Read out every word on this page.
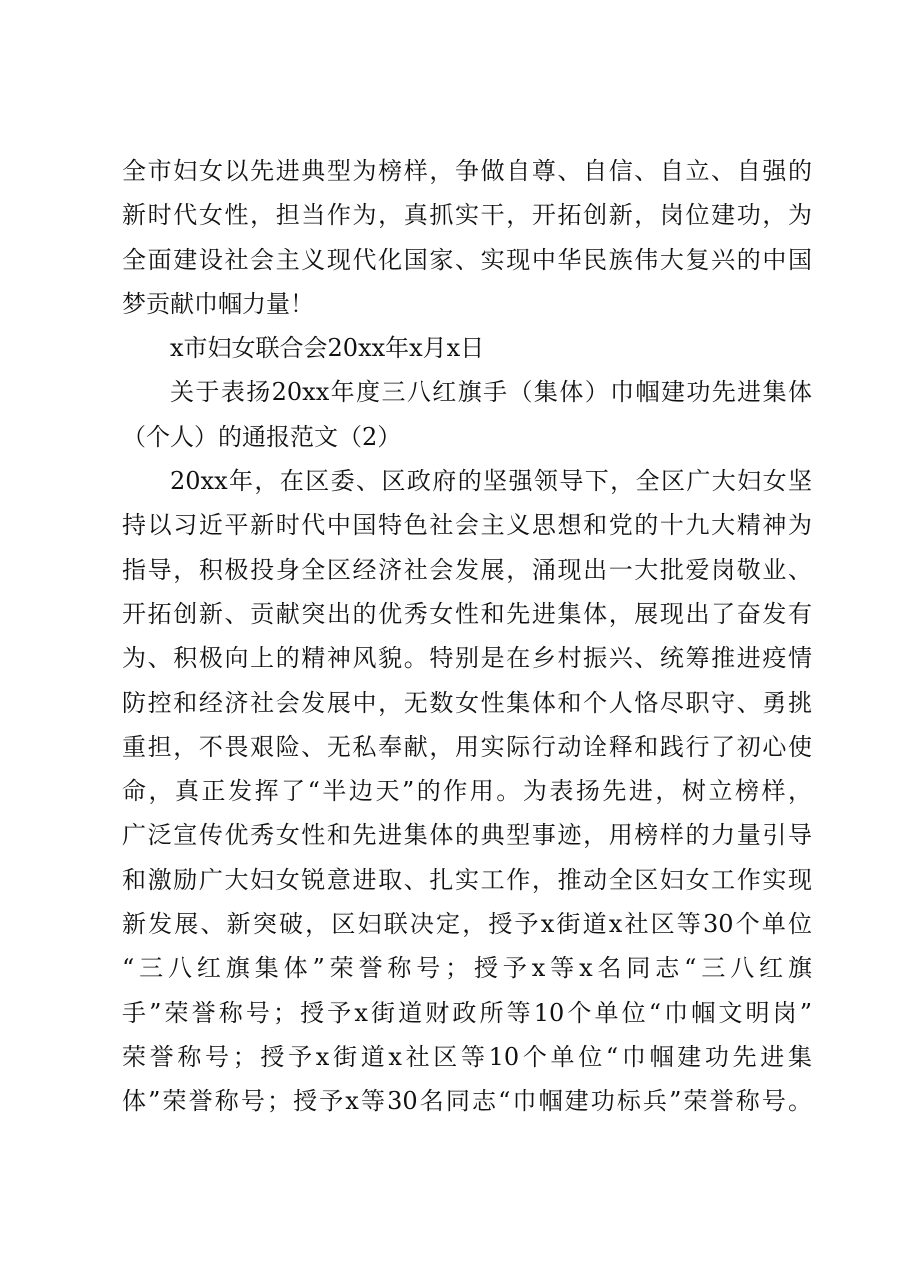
全市妇女以先进典型为榜样，争做自尊、自信、自立、自强的
新时代女性，担当作为，真抓实干，开拓创新，岗位建功，为
全面建设社会主义现代化国家、实现中华民族伟大复兴的中国
梦贡献巾帼力量！
x市妇女联合会20xx年x月x日
关于表扬20xx年度三八红旗手（集体）巾帼建功先进集体
（个人）的通报范文（2）
20xx年，在区委、区政府的坚强领导下，全区广大妇女坚
持以习近平新时代中国特色社会主义思想和党的十九大精神为
指导，积极投身全区经济社会发展，涌现出一大批爱岗敬业、
开拓创新、贡献突出的优秀女性和先进集体，展现出了奋发有
为、积极向上的精神风貌。特别是在乡村振兴、统筹推进疫情
防控和经济社会发展中，无数女性集体和个人恪尽职守、勇挑
重担，不畏艰险、无私奉献，用实际行动诠释和践行了初心使
命，真正发挥了“半边天”的作用。为表扬先进，树立榜样，
广泛宣传优秀女性和先进集体的典型事迹，用榜样的力量引导
和激励广大妇女锐意进取、扎实工作，推动全区妇女工作实现
新发展、新突破，区妇联决定，授予x街道x社区等30个单位
“三八红旗集体”荣誉称号；授予x等x名同志“三八红旗
手”荣誉称号；授予x街道财政所等10个单位“巾帼文明岗”
荣誉称号；授予x街道x社区等10个单位“巾帼建功先进集
体”荣誉称号；授予x等30名同志“巾帼建功标兵”荣誉称号。
